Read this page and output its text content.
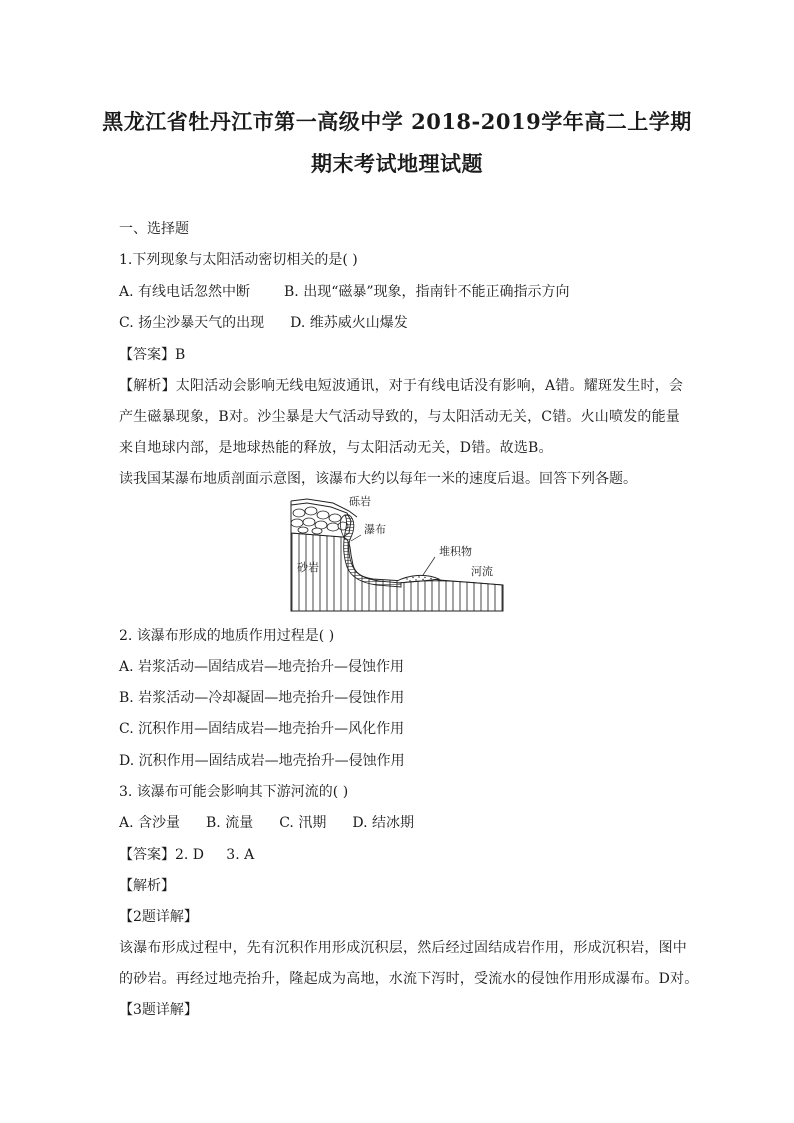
黑龙江省牡丹江市第一高级中学 2018-2019学年高二上学期
期末考试地理试题
一、选择题
1.下列现象与太阳活动密切相关的是( )
A. 有线电话忽然中断 B. 出现“磁暴”现象，指南针不能正确指示方向
C. 扬尘沙暴天气的出现 D. 维苏威火山爆发
【答案】B
【解析】太阳活动会影响无线电短波通讯，对于有线电话没有影响，A错。耀斑发生时，会
产生磁暴现象，B对。沙尘暴是大气活动导致的，与太阳活动无关，C错。火山喷发的能量
来自地球内部，是地球热能的释放，与太阳活动无关，D错。故选B。
读我国某瀑布地质剖面示意图，该瀑布大约以每年一米的速度后退。回答下列各题。
砾岩
瀑布
堆积物
砂岩	河流
2. 该瀑布形成的地质作用过程是( )
A. 岩浆活动—固结成岩—地壳抬升—侵蚀作用
B. 岩浆活动—冷却凝固—地壳抬升—侵蚀作用
C. 沉积作用—固结成岩—地壳抬升—风化作用
D. 沉积作用—固结成岩—地壳抬升—侵蚀作用
3. 该瀑布可能会影响其下游河流的( )
A. 含沙量 B. 流量 C. 汛期 D. 结冰期
【答案】2. D     3. A
【解析】
【2题详解】
该瀑布形成过程中，先有沉积作用形成沉积层，然后经过固结成岩作用，形成沉积岩，图中
的砂岩。再经过地壳抬升，隆起成为高地，水流下泻时，受流水的侵蚀作用形成瀑布。D对。
【3题详解】
